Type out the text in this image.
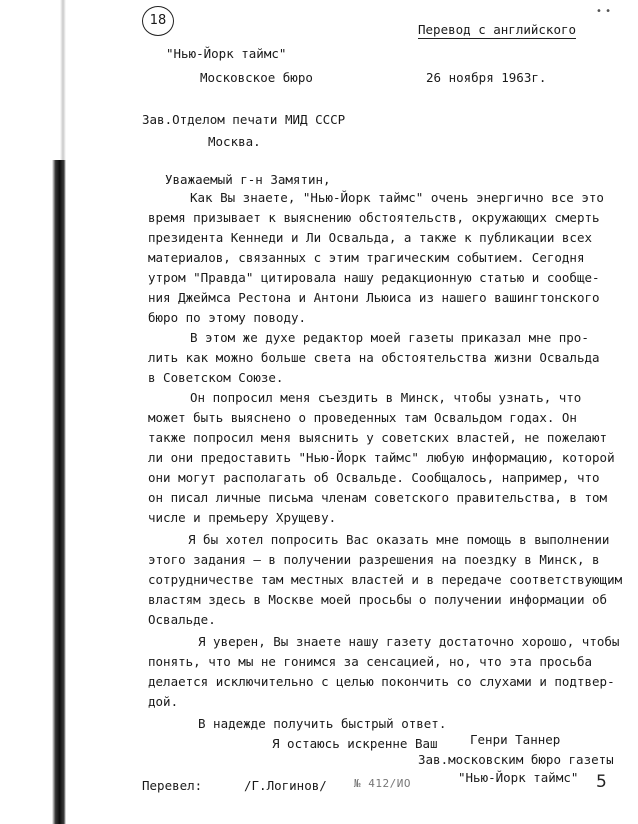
18
• •
Перевод с английского
"Нью-Йорк таймс"
Московское бюро	26 ноября 1963г.
Зав.Отделом печати МИД СССР
Москва.
Уважаемый г-н Замятин,
Как Вы знаете, "Нью-Йорк таймс" очень энергично все это
время призывает к выяснению обстоятельств, окружающих смерть
президента Кеннеди и Ли Освальда, а также к публикации всех
материалов, связанных с этим трагическим событием. Сегодня
утром "Правда" цитировала нашу редакционную статью и сообще-
ния Джеймса Рестона и Антони Льюиса из нашего вашингтонского
бюро по этому поводу.
В этом же духе редактор моей газеты приказал мне про-
лить как можно больше света на обстоятельства жизни Освальда
в Советском Союзе.
Он попросил меня съездить в Минск, чтобы узнать, что
может быть выяснено о проведенных там Освальдом годах. Он
также попросил меня выяснить у советских властей, не пожелают
ли они предоставить "Нью-Йорк таймс" любую информацию, которой
они могут располагать об Освальде. Сообщалось, например, что
он писал личные письма членам советского правительства, в том
числе и премьеру Хрущеву.
Я бы хотел попросить Вас оказать мне помощь в выполнении
этого задания – в получении разрешения на поездку в Минск, в
сотрудничестве там местных властей и в передаче соответствующим
властям здесь в Москве моей просьбы о получении информации об
Освальде.
Я уверен, Вы знаете нашу газету достаточно хорошо, чтобы
понять, что мы не гонимся за сенсацией, но, что эта просьба
делается исключительно с целью покончить со слухами и подтвер-
дой.
В надежде получить быстрый ответ.
Я остаюсь искренне Ваш	Генри Таннер
Зав.московским бюро газеты
"Нью-Йорк таймс"
Перевел:	/Г.Логинов/ № 412/ИО	5
